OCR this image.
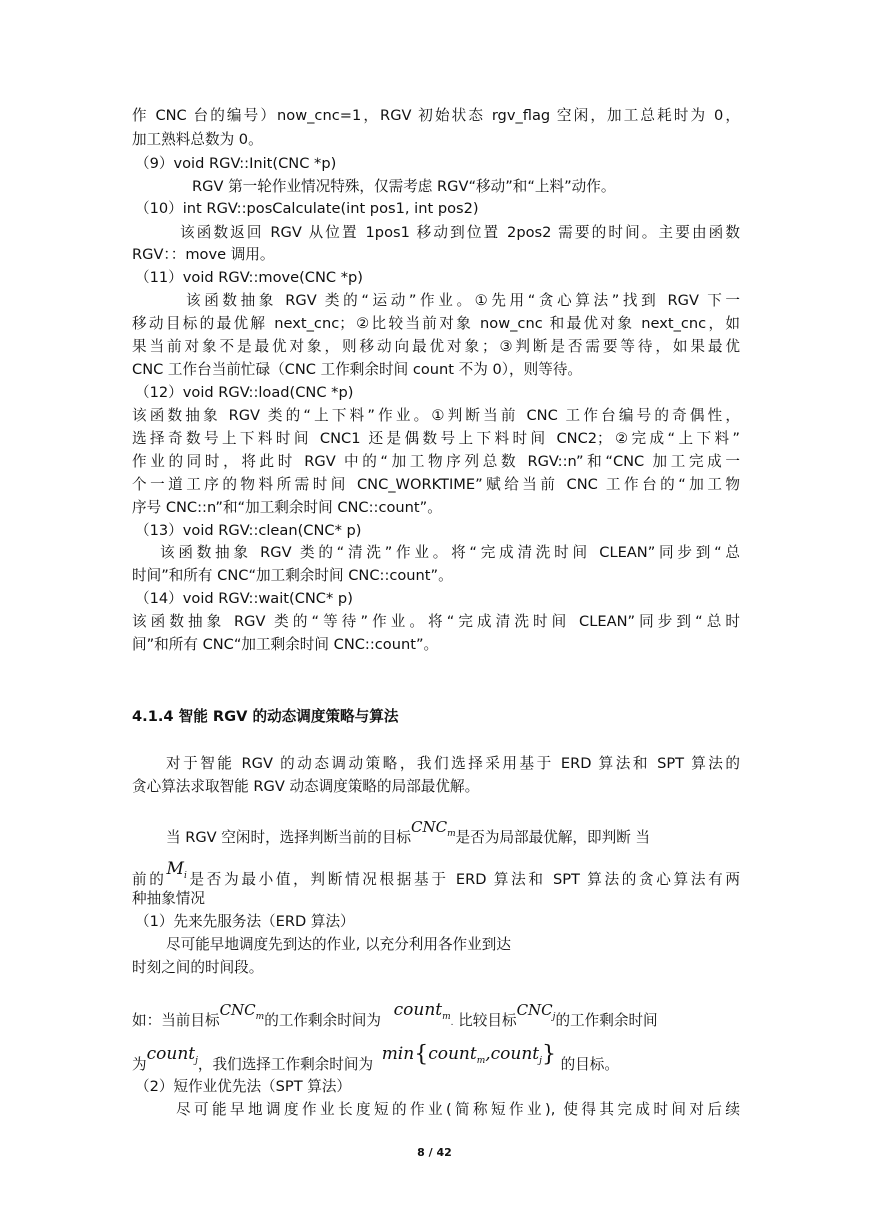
作 CNC 台的编号）now_cnc=1，RGV 初始状态 rgv_flag 空闲，加工总耗时为 0，
加工熟料总数为 0。
（9）void RGV::Init(CNC *p)
RGV 第一轮作业情况特殊，仅需考虑 RGV“移动”和“上料”动作。
（10）int RGV::posCalculate(int pos1, int pos2)
该函数返回 RGV 从位置 1pos1 移动到位置 2pos2 需要的时间。主要由函数
RGV：：move 调用。
（11）void RGV::move(CNC *p)
该函数抽象 RGV 类的“运动”作业。①先用“贪心算法”找到 RGV 下一
移动目标的最优解 next_cnc；②比较当前对象 now_cnc 和最优对象 next_cnc，如
果当前对象不是最优对象，则移动向最优对象；③判断是否需要等待，如果最优
CNC 工作台当前忙碌（CNC 工作剩余时间 count 不为 0），则等待。
（12）void RGV::load(CNC *p)
该函数抽象 RGV 类的“上下料”作业。①判断当前 CNC 工作台编号的奇偶性，
选择奇数号上下料时间 CNC1 还是偶数号上下料时间 CNC2；②完成“上下料”
作业的同时，将此时 RGV 中的“加工物序列总数 RGV::n”和“CNC 加工完成一
个一道工序的物料所需时间 CNC_WORKTIME”赋给当前 CNC 工作台的“加工物
序号 CNC::n”和“加工剩余时间 CNC::count”。
（13）void RGV::clean(CNC* p)
该函数抽象 RGV 类的“清洗”作业。将“完成清洗时间 CLEAN”同步到“总
时间”和所有 CNC“加工剩余时间 CNC::count”。
（14）void RGV::wait(CNC* p)
该函数抽象 RGV 类的“等待”作业。将“完成清洗时间 CLEAN”同步到“总时
间”和所有 CNC“加工剩余时间 CNC::count”。
4.1.4 智能 RGV 的动态调度策略与算法
对于智能 RGV 的动态调动策略，我们选择采用基于 ERD 算法和 SPT 算法的
贪心算法求取智能 RGV 动态调度策略的局部最优解。
当 RGV 空闲时，选择判断当前的目标$^{CNC_m}$是否为局部最优解，即判断 当
前的$^{M_i}$是否为最小值，判断情况根据基于 ERD 算法和 SPT 算法的贪心算法有两
种抽象情况
（1）先来先服务法（ERD 算法）
尽可能早地调度先到达的作业, 以充分利用各作业到达
时刻之间的时间段。
如：当前目标$^{CNC_m}$的工作剩余时间为 $^{count_m}$. 比较目标$^{CNC_j}$的工作剩余时间
为$^{count_j}$，我们选择工作剩余时间为 $^{min\{count_m,count_j\}}$ 的目标。
（2）短作业优先法（SPT 算法）
尽可能早地调度作业长度短的作业(简称短作业), 使得其完成时间对后续
8 / 42
